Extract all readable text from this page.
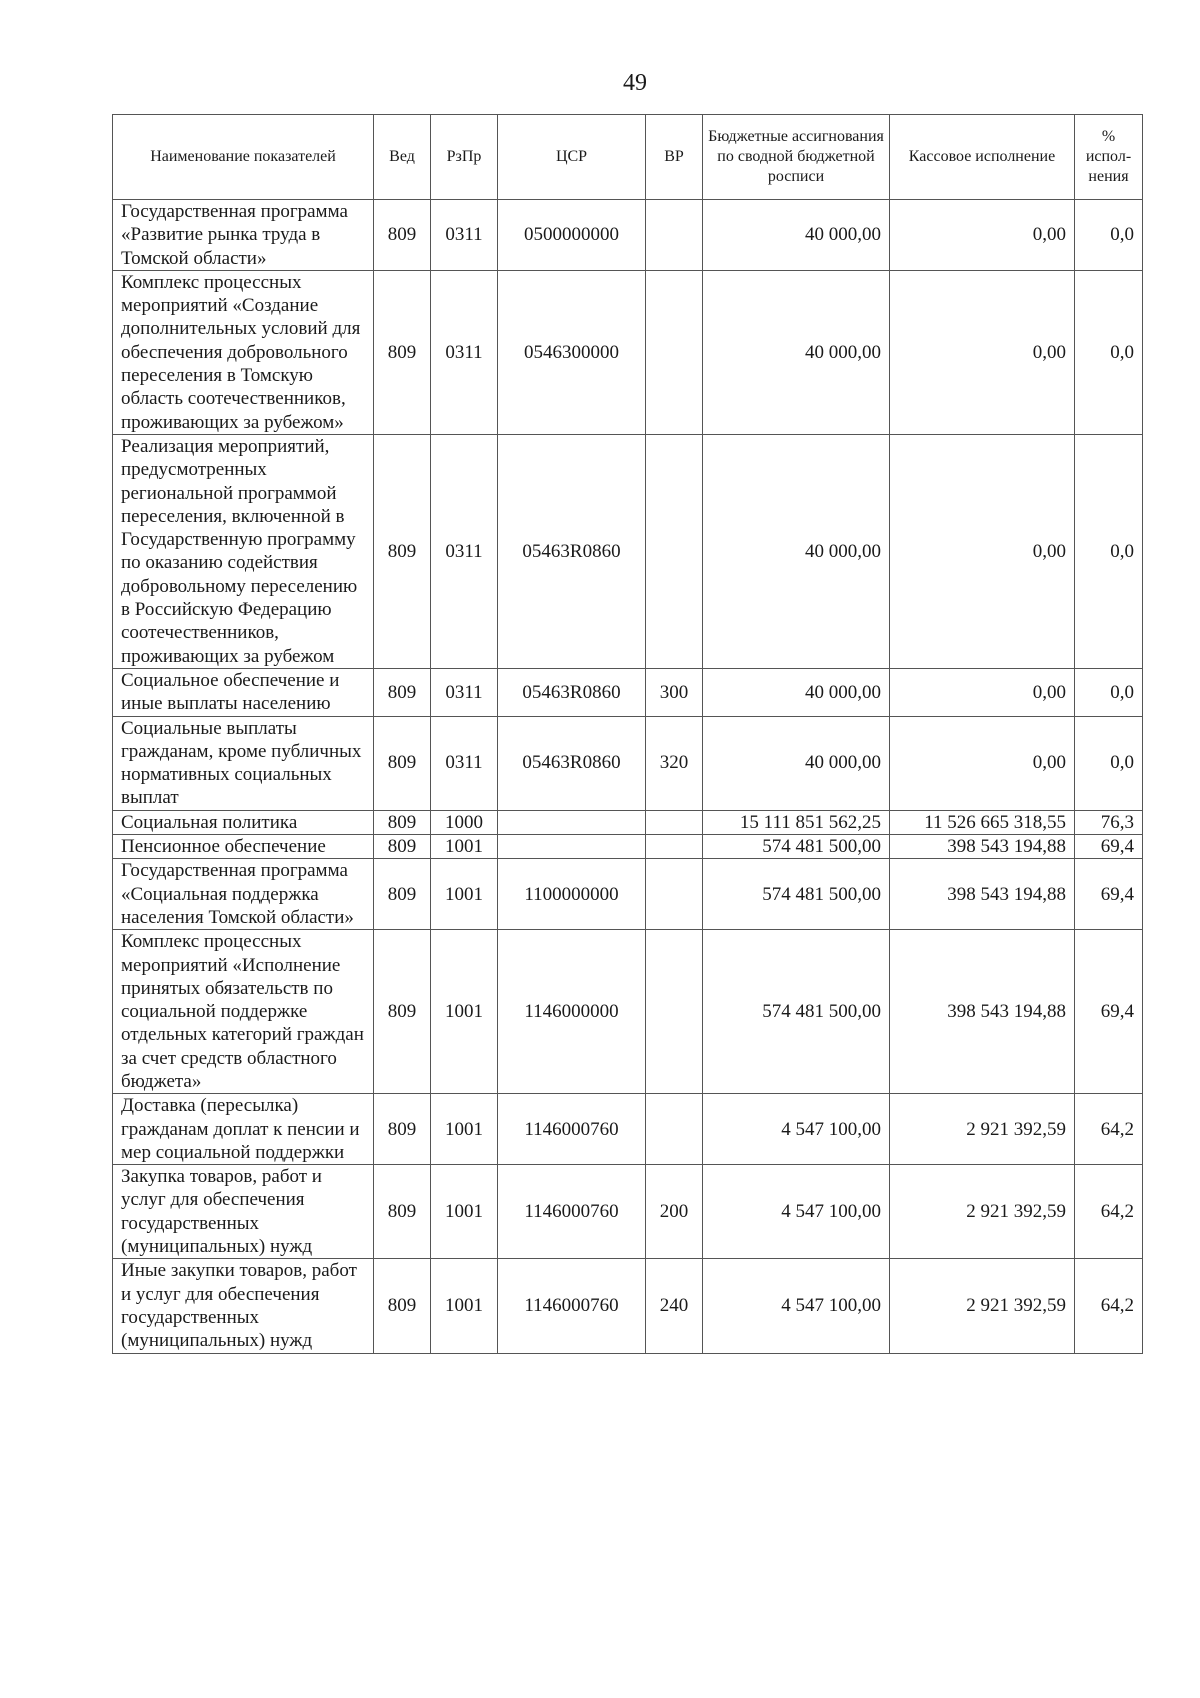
49
Наименование показателей	Вед	РзПр	ЦСР	ВР	Бюджетные ассигнования по сводной бюджетной росписи	Кассовое исполнение	% испол-нения
Государственная программа «Развитие рынка труда в Томской области»	809	0311	0500000000		40 000,00	0,00	0,0
Комплекс процессных мероприятий «Создание дополнительных условий для обеспечения добровольного переселения в Томскую область соотечественников, проживающих за рубежом»	809	0311	0546300000		40 000,00	0,00	0,0
Реализация мероприятий, предусмотренных региональной программой переселения, включенной в Государственную программу по оказанию содействия добровольному переселению в Российскую Федерацию соотечественников, проживающих за рубежом	809	0311	05463R0860		40 000,00	0,00	0,0
Социальное обеспечение и иные выплаты населению	809	0311	05463R0860	300	40 000,00	0,00	0,0
Социальные выплаты гражданам, кроме публичных нормативных социальных выплат	809	0311	05463R0860	320	40 000,00	0,00	0,0
Социальная политика	809	1000			15 111 851 562,25	11 526 665 318,55	76,3
Пенсионное обеспечение	809	1001			574 481 500,00	398 543 194,88	69,4
Государственная программа «Социальная поддержка населения Томской области»	809	1001	1100000000		574 481 500,00	398 543 194,88	69,4
Комплекс процессных мероприятий «Исполнение принятых обязательств по социальной поддержке отдельных категорий граждан за счет средств областного бюджета»	809	1001	1146000000		574 481 500,00	398 543 194,88	69,4
Доставка (пересылка) гражданам доплат к пенсии и мер социальной поддержки	809	1001	1146000760		4 547 100,00	2 921 392,59	64,2
Закупка товаров, работ и услуг для обеспечения государственных (муниципальных) нужд	809	1001	1146000760	200	4 547 100,00	2 921 392,59	64,2
Иные закупки товаров, работ и услуг для обеспечения государственных (муниципальных) нужд	809	1001	1146000760	240	4 547 100,00	2 921 392,59	64,2
